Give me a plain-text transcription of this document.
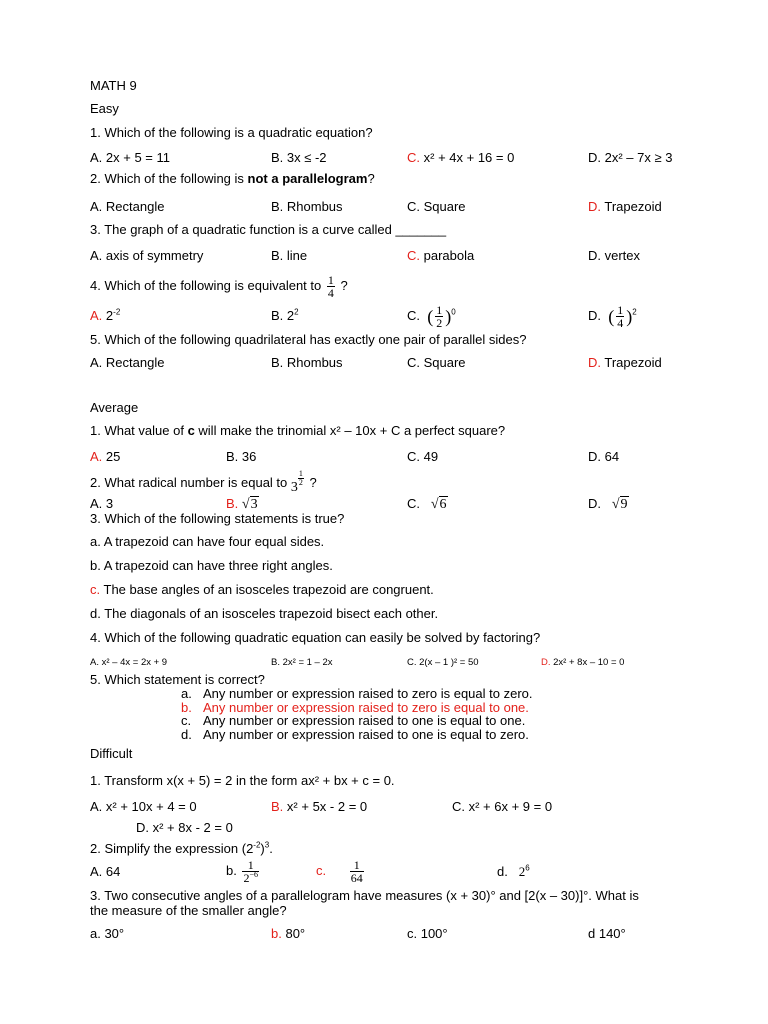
MATH 9
Easy
1. Which of the following is a quadratic equation?
A. 2x + 5 = 11	B. 3x ≤ -2	C. x² + 4x + 16 = 0	D. 2x² – 7x ≥ 3
2. Which of the following is not a parallelogram?
A. Rectangle	B. Rhombus	C. Square	D. Trapezoid
3. The graph of a quadratic function is a curve called _______
A. axis of symmetry	B. line	C. parabola	D. vertex
4. Which of the following is equivalent to $\frac{1}{4}$ ?
A. $2^{-2}$	B. $2^2$	C. ( $\frac{1}{2} )^0$	D. ( $\frac{1}{4} )^2$
5. Which of the following quadrilateral has exactly one pair of parallel sides?
A. Rectangle	B. Rhombus	C. Square	D. Trapezoid
Average
1. What value of c will make the trinomial x² – 10x + C a perfect square?
A. 25	B. 36	C. 49	D. 64
2. What radical number is equal to 3
$\frac{1}{2}$ ?
A. 3	B. √3	C. √6	D. √9
3. Which of the following statements is true?
a. A trapezoid can have four equal sides.
b. A trapezoid can have three right angles.
c. The base angles of an isosceles trapezoid are congruent.
d. The diagonals of an isosceles trapezoid bisect each other.
4. Which of the following quadratic equation can easily be solved by factoring?
A. x² – 4x = 2x + 9	B. 2x² = 1 – 2x	C. 2(x – 1 )² = 50	D. 2x² + 8x – 10 = 0
5. Which statement is correct?
a. Any number or expression raised to zero is equal to zero.
b. Any number or expression raised to zero is equal to one.
c. Any number or expression raised to one is equal to one.
d. Any number or expression raised to one is equal to zero.
Difficult
1. Transform x(x + 5) = 2 in the form ax² + bx + c = 0.
A. x² + 10x + 4 = 0	B. x² + 5x - 2 = 0	C. x² + 6x + 9 = 0
D. x² + 8x - 2 = 0
2. Simplify the expression $(2^{-2})^3$.
A. 64	b. $\frac{1}{2^{-6}}$	c. $\frac{1}{64}$	d. $2^6$
3. Two consecutive angles of a parallelogram have measures (x + 30)° and [2(x – 30)]°. What is
the measure of the smaller angle?
a. 30°	b. 80°	c. 100°	d 140°
